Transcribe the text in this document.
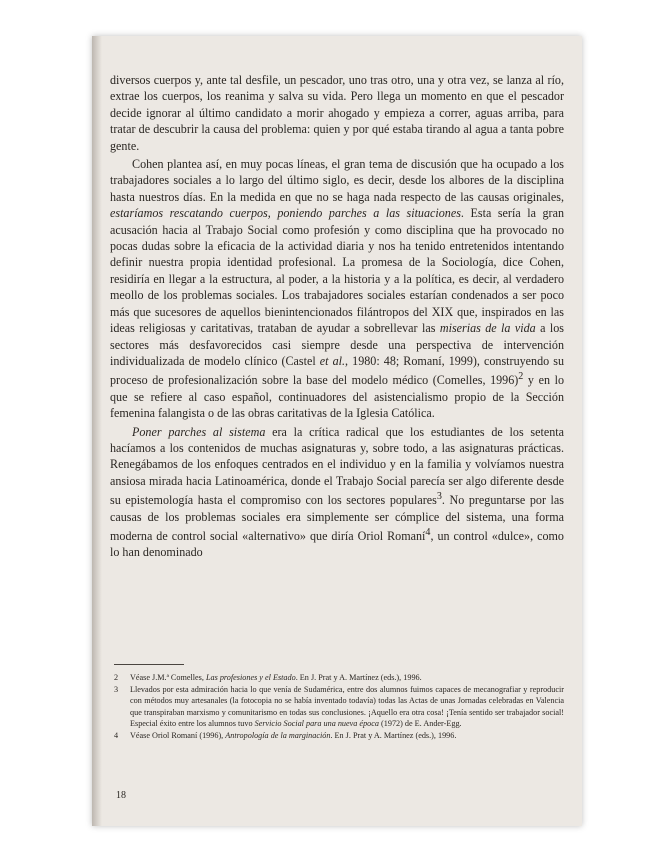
diversos cuerpos y, ante tal desfile, un pescador, uno tras otro, una y otra vez, se lanza al río, extrae los cuerpos, los reanima y salva su vida. Pero llega un momento en que el pescador decide ignorar al último candidato a morir ahogado y empieza a correr, aguas arriba, para tratar de descubrir la causa del problema: quien y por qué estaba tirando al agua a tanta pobre gente.

Cohen plantea así, en muy pocas líneas, el gran tema de discusión que ha ocupado a los trabajadores sociales a lo largo del último siglo, es decir, desde los albores de la disciplina hasta nuestros días. En la medida en que no se haga nada respecto de las causas originales, estaríamos rescatando cuerpos, poniendo parches a las situaciones. Esta sería la gran acusación hacia al Trabajo Social como profesión y como disciplina que ha provocado no pocas dudas sobre la eficacia de la actividad diaria y nos ha tenido entretenidos intentando definir nuestra propia identidad profesional. La promesa de la Sociología, dice Cohen, residiría en llegar a la estructura, al poder, a la historia y a la política, es decir, al verdadero meollo de los problemas sociales. Los trabajadores sociales estarían condenados a ser poco más que sucesores de aquellos bienintencionados filántropos del XIX que, inspirados en las ideas religiosas y caritativas, trataban de ayudar a sobrellevar las miserias de la vida a los sectores más desfavorecidos casi siempre desde una perspectiva de intervención individualizada de modelo clínico (Castel et al., 1980: 48; Romaní, 1999), construyendo su proceso de profesionalización sobre la base del modelo médico (Comelles, 1996)$^2$ y en lo que se refiere al caso español, continuadores del asistencialismo propio de la Sección femenina falangista o de las obras caritativas de la Iglesia Católica.

Poner parches al sistema era la crítica radical que los estudiantes de los setenta hacíamos a los contenidos de muchas asignaturas y, sobre todo, a las asignaturas prácticas. Renegábamos de los enfoques centrados en el individuo y en la familia y volvíamos nuestra ansiosa mirada hacia Latinoamérica, donde el Trabajo Social parecía ser algo diferente desde su epistemología hasta el compromiso con los sectores populares$^3$. No preguntarse por las causas de los problemas sociales era simplemente ser cómplice del sistema, una forma moderna de control social «alternativo» que diría Oriol Romaní$^4$, un control «dulce», como lo han denominado

2	Véase J.M.ª Comelles, Las profesiones y el Estado. En J. Prat y A. Martínez (eds.), 1996.
3	Llevados por esta admiración hacia lo que venía de Sudamérica, entre dos alumnos fuimos capaces de mecanografiar y reproducir con métodos muy artesanales (la fotocopia no se había inventado todavía) todas las Actas de unas Jornadas celebradas en Valencia que transpiraban marxismo y comunitarismo en todas sus conclusiones. ¡Aquello era otra cosa! ¡Tenía sentido ser trabajador social! Especial éxito entre los alumnos tuvo Servicio Social para una nueva época (1972) de E. Ander-Egg.
4	Véase Oriol Romaní (1996), Antropología de la marginación. En J. Prat y A. Martínez (eds.), 1996.
18
